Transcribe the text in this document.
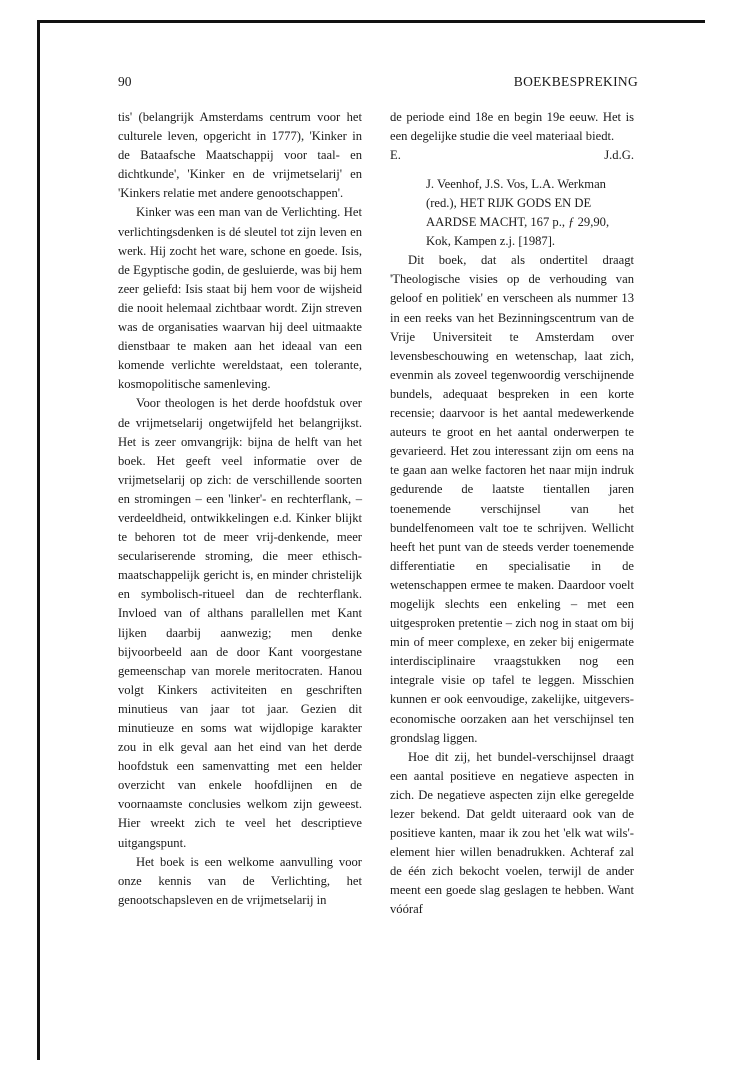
90	BOEKBESPREKING

tis' (belangrijk Amsterdams centrum voor het culturele leven, opgericht in 1777), 'Kinker in de Bataafsche Maatschappij voor taal- en dichtkunde', 'Kinker en de vrijmetselarij' en 'Kinkers relatie met andere genootschappen'.

Kinker was een man van de Verlichting. Het verlichtingsdenken is dé sleutel tot zijn leven en werk. Hij zocht het ware, schone en goede. Isis, de Egyptische godin, de gesluierde, was bij hem zeer geliefd: Isis staat bij hem voor de wijsheid die nooit helemaal zichtbaar wordt. Zijn streven was de organisaties waarvan hij deel uitmaakte dienstbaar te maken aan het ideaal van een komende verlichte wereldstaat, een tolerante, kosmopolitische samenleving.

Voor theologen is het derde hoofdstuk over de vrijmetselarij ongetwijfeld het belangrijkst. Het is zeer omvangrijk: bijna de helft van het boek. Het geeft veel informatie over de vrijmetselarij op zich: de verschillende soorten en stromingen – een 'linker'- en rechterflank, – verdeeldheid, ontwikkelingen e.d. Kinker blijkt te behoren tot de meer vrij-denkende, meer seculariserende stroming, die meer ethisch-maatschappelijk gericht is, en minder christelijk en symbolisch-ritueel dan de rechterflank. Invloed van of althans parallellen met Kant lijken daarbij aanwezig; men denke bijvoorbeeld aan de door Kant voorgestane gemeenschap van morele meritocraten. Hanou volgt Kinkers activiteiten en geschriften minutieus van jaar tot jaar. Gezien dit minutieuze en soms wat wijdlopige karakter zou in elk geval aan het eind van het derde hoofdstuk een samenvatting met een helder overzicht van enkele hoofdlijnen en de voornaamste conclusies welkom zijn geweest. Hier wreekt zich te veel het descriptieve uitgangspunt.

Het boek is een welkome aanvulling voor onze kennis van de Verlichting, het genootschapsleven en de vrijmetselarij in

de periode eind 18e en begin 19e eeuw. Het is een degelijke studie die veel materiaal biedt.

E.	J.d.G.

J. Veenhof, J.S. Vos, L.A. Werkman (red.), HET RIJK GODS EN DE AARDSE MACHT, 167 p., ƒ 29,90, Kok, Kampen z.j. [1987].

Dit boek, dat als ondertitel draagt 'Theologische visies op de verhouding van geloof en politiek' en verscheen als nummer 13 in een reeks van het Bezinningscentrum van de Vrije Universiteit te Amsterdam over levensbeschouwing en wetenschap, laat zich, evenmin als zoveel tegenwoordig verschijnende bundels, adequaat bespreken in een korte recensie; daarvoor is het aantal medewerkende auteurs te groot en het aantal onderwerpen te gevarieerd. Het zou interessant zijn om eens na te gaan aan welke factoren het naar mijn indruk gedurende de laatste tientallen jaren toenemende verschijnsel van het bundelfenomeen valt toe te schrijven. Wellicht heeft het punt van de steeds verder toenemende differentiatie en specialisatie in de wetenschappen ermee te maken. Daardoor voelt mogelijk slechts een enkeling – met een uitgesproken pretentie – zich nog in staat om bij min of meer complexe, en zeker bij enigermate interdisciplinaire vraagstukken nog een integrale visie op tafel te leggen. Misschien kunnen er ook eenvoudige, zakelijke, uitgevers-economische oorzaken aan het verschijnsel ten grondslag liggen.

Hoe dit zij, het bundel-verschijnsel draagt een aantal positieve en negatieve aspecten in zich. De negatieve aspecten zijn elke geregelde lezer bekend. Dat geldt uiteraard ook van de positieve kanten, maar ik zou het 'elk wat wils'-element hier willen benadrukken. Achteraf zal de één zich bekocht voelen, terwijl de ander meent een goede slag geslagen te hebben. Want vóóraf
